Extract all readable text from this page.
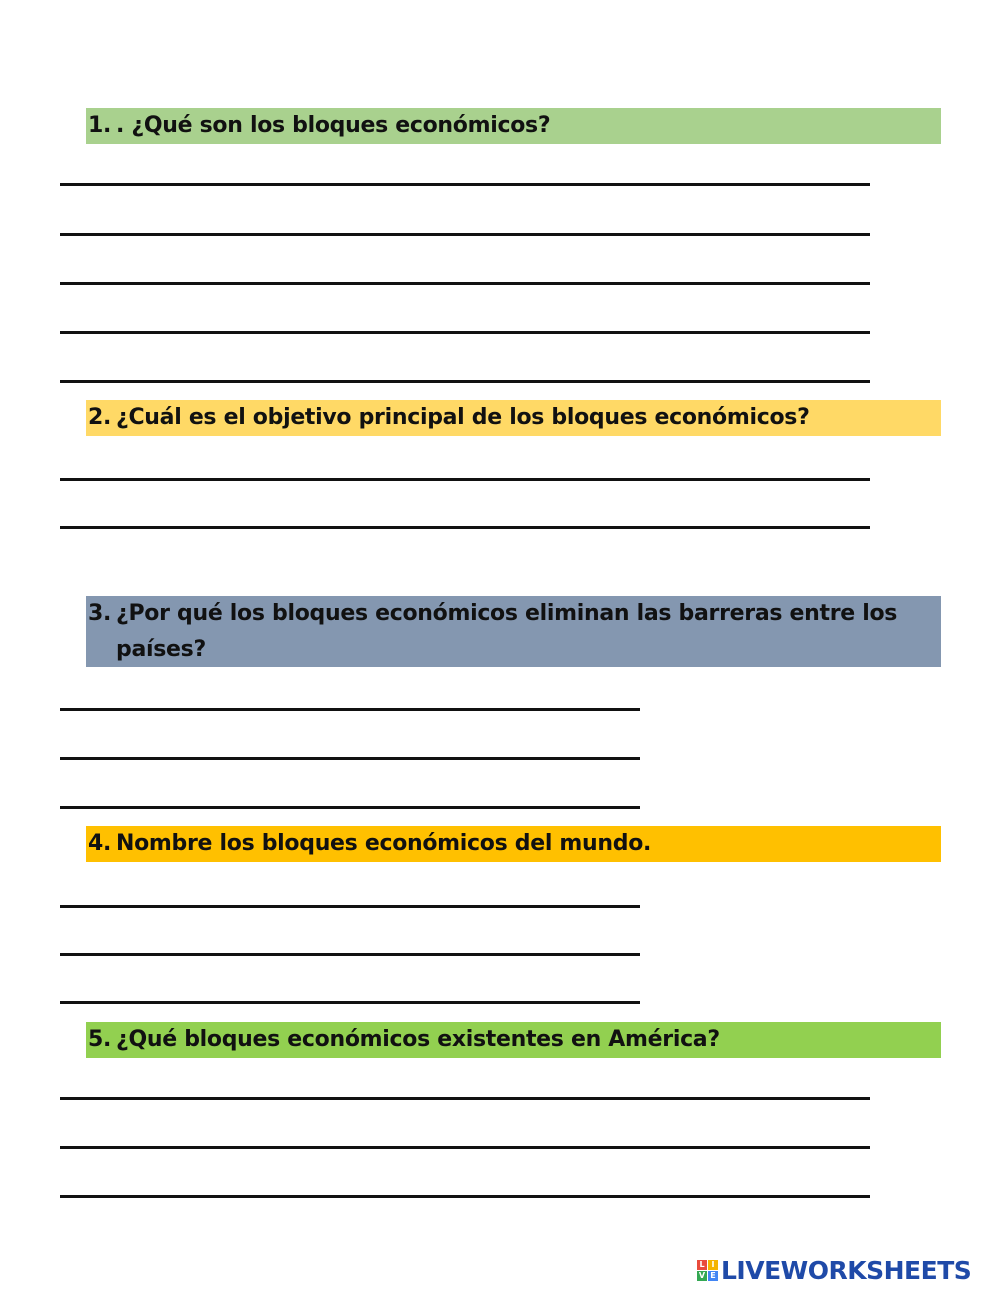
1. . ¿Qué son los bloques económicos?
2. ¿Cuál es el objetivo principal de los bloques económicos?
3. ¿Por qué los bloques económicos eliminan las barreras entre los países?
4. Nombre los bloques económicos del mundo.
5. ¿Qué bloques económicos existentes en América?
L I
V E LIVEWORKSHEETS
